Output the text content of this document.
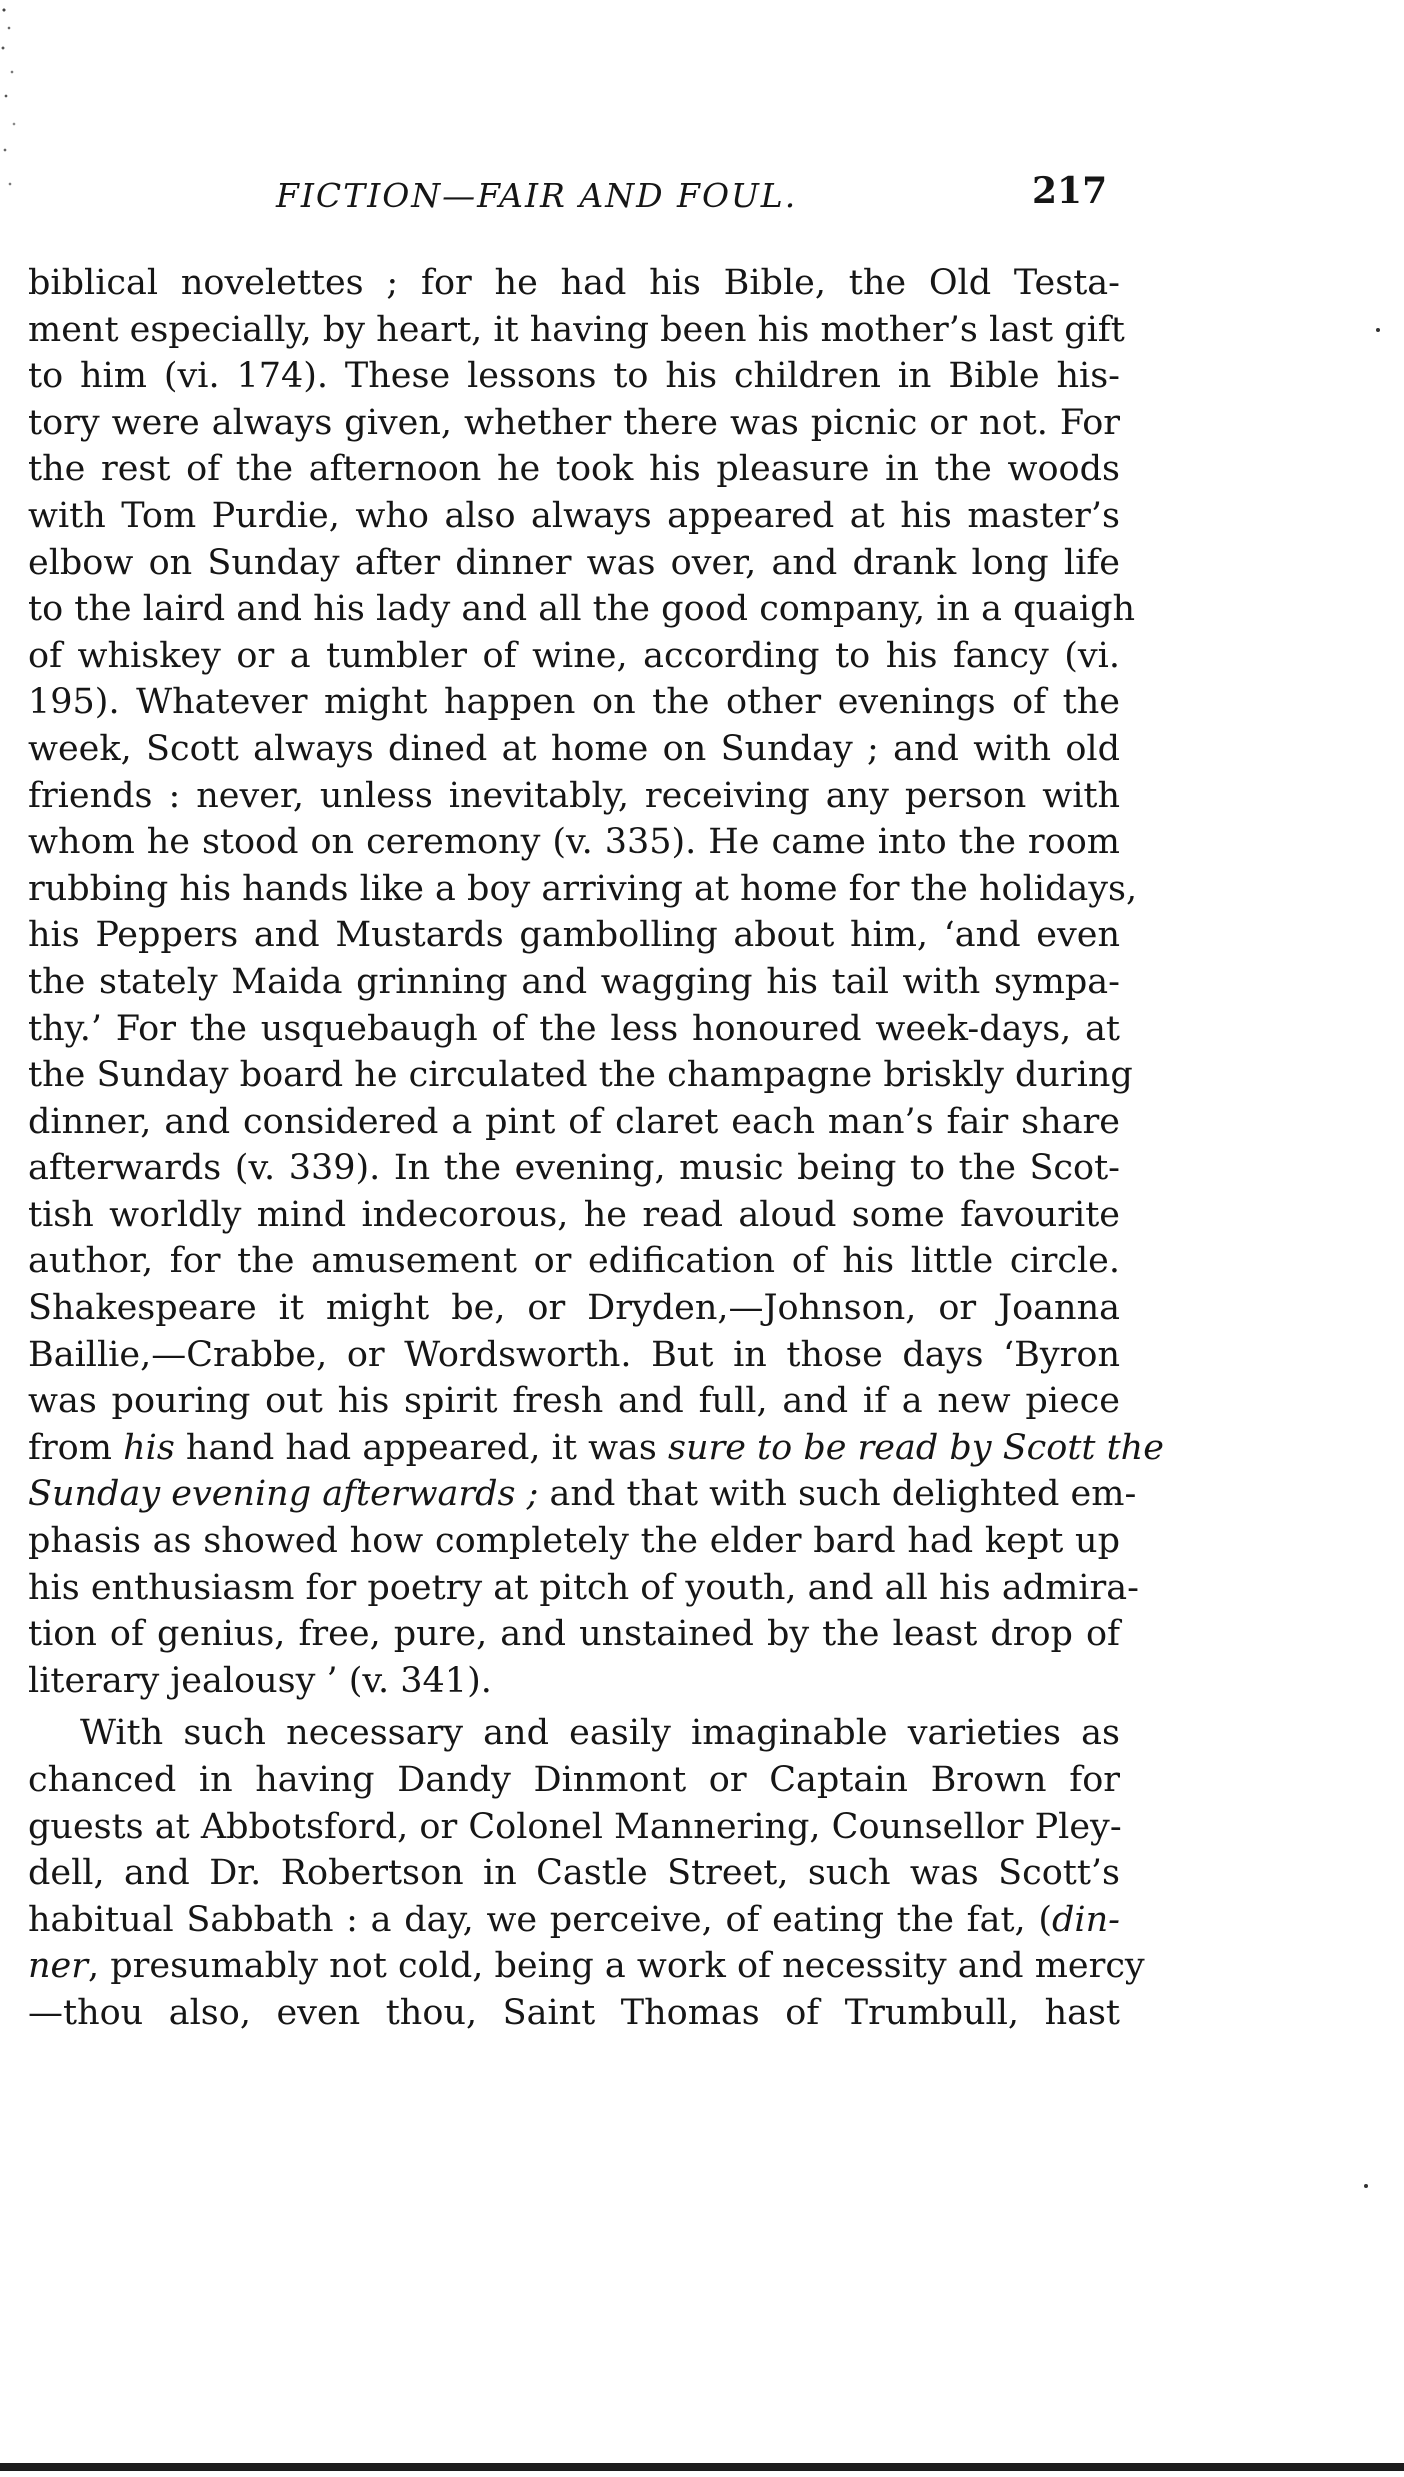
FICTION—FAIR AND FOUL.	217
biblical novelettes ; for he had his Bible, the Old Testa-
ment especially, by heart, it having been his mother’s last gift
to him (vi. 174). These lessons to his children in Bible his-
tory were always given, whether there was picnic or not. For
the rest of the afternoon he took his pleasure in the woods
with Tom Purdie, who also always appeared at his master’s
elbow on Sunday after dinner was over, and drank long life
to the laird and his lady and all the good company, in a quaigh
of whiskey or a tumbler of wine, according to his fancy (vi.
195). Whatever might happen on the other evenings of the
week, Scott always dined at home on Sunday ; and with old
friends : never, unless inevitably, receiving any person with
whom he stood on ceremony (v. 335). He came into the room
rubbing his hands like a boy arriving at home for the holidays,
his Peppers and Mustards gambolling about him, ‘and even
the stately Maida grinning and wagging his tail with sympa-
thy.’ For the usquebaugh of the less honoured week-days, at
the Sunday board he circulated the champagne briskly during
dinner, and considered a pint of claret each man’s fair share
afterwards (v. 339). In the evening, music being to the Scot-
tish worldly mind indecorous, he read aloud some favourite
author, for the amusement or edification of his little circle.
Shakespeare it might be, or Dryden,—Johnson, or Joanna
Baillie,—Crabbe, or Wordsworth. But in those days ‘Byron
was pouring out his spirit fresh and full, and if a new piece
from his hand had appeared, it was sure to be read by Scott the
Sunday evening afterwards ; and that with such delighted em-
phasis as showed how completely the elder bard had kept up
his enthusiasm for poetry at pitch of youth, and all his admira-
tion of genius, free, pure, and unstained by the least drop of
literary jealousy ’ (v. 341).
With such necessary and easily imaginable varieties as
chanced in having Dandy Dinmont or Captain Brown for
guests at Abbotsford, or Colonel Mannering, Counsellor Pley-
dell, and Dr. Robertson in Castle Street, such was Scott’s
habitual Sabbath : a day, we perceive, of eating the fat, (din-
ner, presumably not cold, being a work of necessity and mercy
—thou also, even thou, Saint Thomas of Trumbull, hast
